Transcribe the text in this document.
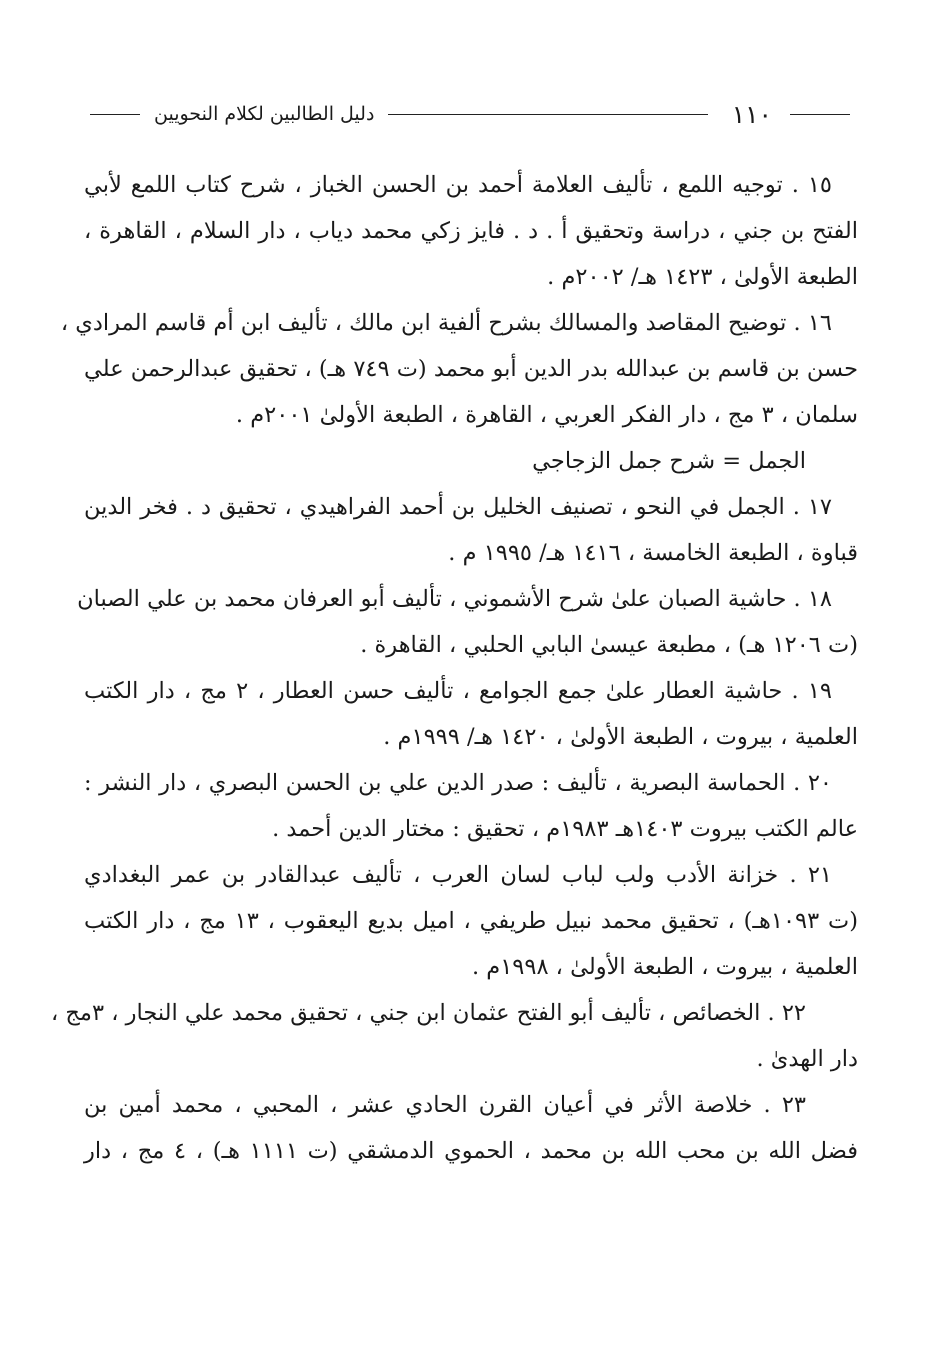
١١٠
دليل الطالبين لكلام النحويين
١٥ . توجيه اللمع ، تأليف العلامة أحمد بن الحسن الخباز ، شرح كتاب اللمع لأبي
الفتح بن جني ، دراسة وتحقيق أ . د . فايز زكي محمد دياب ، دار السلام ، القاهرة ،
الطبعة الأولىٰ ، ١٤٢٣ هـ/ ٢٠٠٢م .
١٦ . توضيح المقاصد والمسالك بشرح ألفية ابن مالك ، تأليف ابن أم قاسم المرادي ،
حسن بن قاسم بن عبدالله بدر الدين أبو محمد (ت ٧٤٩ هـ) ، تحقيق عبدالرحمن علي
سلمان ، ٣ مج ، دار الفكر العربي ، القاهرة ، الطبعة الأولىٰ ٢٠٠١م .
الجمل = شرح جمل الزجاجي
١٧ . الجمل في النحو ، تصنيف الخليل بن أحمد الفراهيدي ، تحقيق د . فخر الدين
قباوة ، الطبعة الخامسة ، ١٤١٦ هـ/ ١٩٩٥ م .
١٨ . حاشية الصبان علىٰ شرح الأشموني ، تأليف أبو العرفان محمد بن علي الصبان
(ت ١٢٠٦ هـ) ، مطبعة عيسىٰ البابي الحلبي ، القاهرة .
١٩ . حاشية العطار علىٰ جمع الجوامع ، تأليف حسن العطار ، ٢ مج ، دار الكتب
العلمية ، بيروت ، الطبعة الأولىٰ ، ١٤٢٠ هـ/ ١٩٩٩م .
٢٠ . الحماسة البصرية ، تأليف : صدر الدين علي بن الحسن البصري ، دار النشر :
عالم الكتب بيروت ١٤٠٣هـ ١٩٨٣م ، تحقيق : مختار الدين أحمد .
٢١ . خزانة الأدب ولب لباب لسان العرب ، تأليف عبدالقادر بن عمر البغدادي
(ت ١٠٩٣هـ) ، تحقيق محمد نبيل طريفي ، اميل بديع اليعقوب ، ١٣ مج ، دار الكتب
العلمية ، بيروت ، الطبعة الأولىٰ ، ١٩٩٨م .
٢٢ . الخصائص ، تأليف أبو الفتح عثمان ابن جني ، تحقيق محمد علي النجار ، ٣مج ،
دار الهدىٰ .
٢٣ . خلاصة الأثر في أعيان القرن الحادي عشر ، المحبي ، محمد أمين بن
فضل الله بن محب الله بن محمد ، الحموي الدمشقي (ت ١١١١ هـ) ، ٤ مج ، دار
